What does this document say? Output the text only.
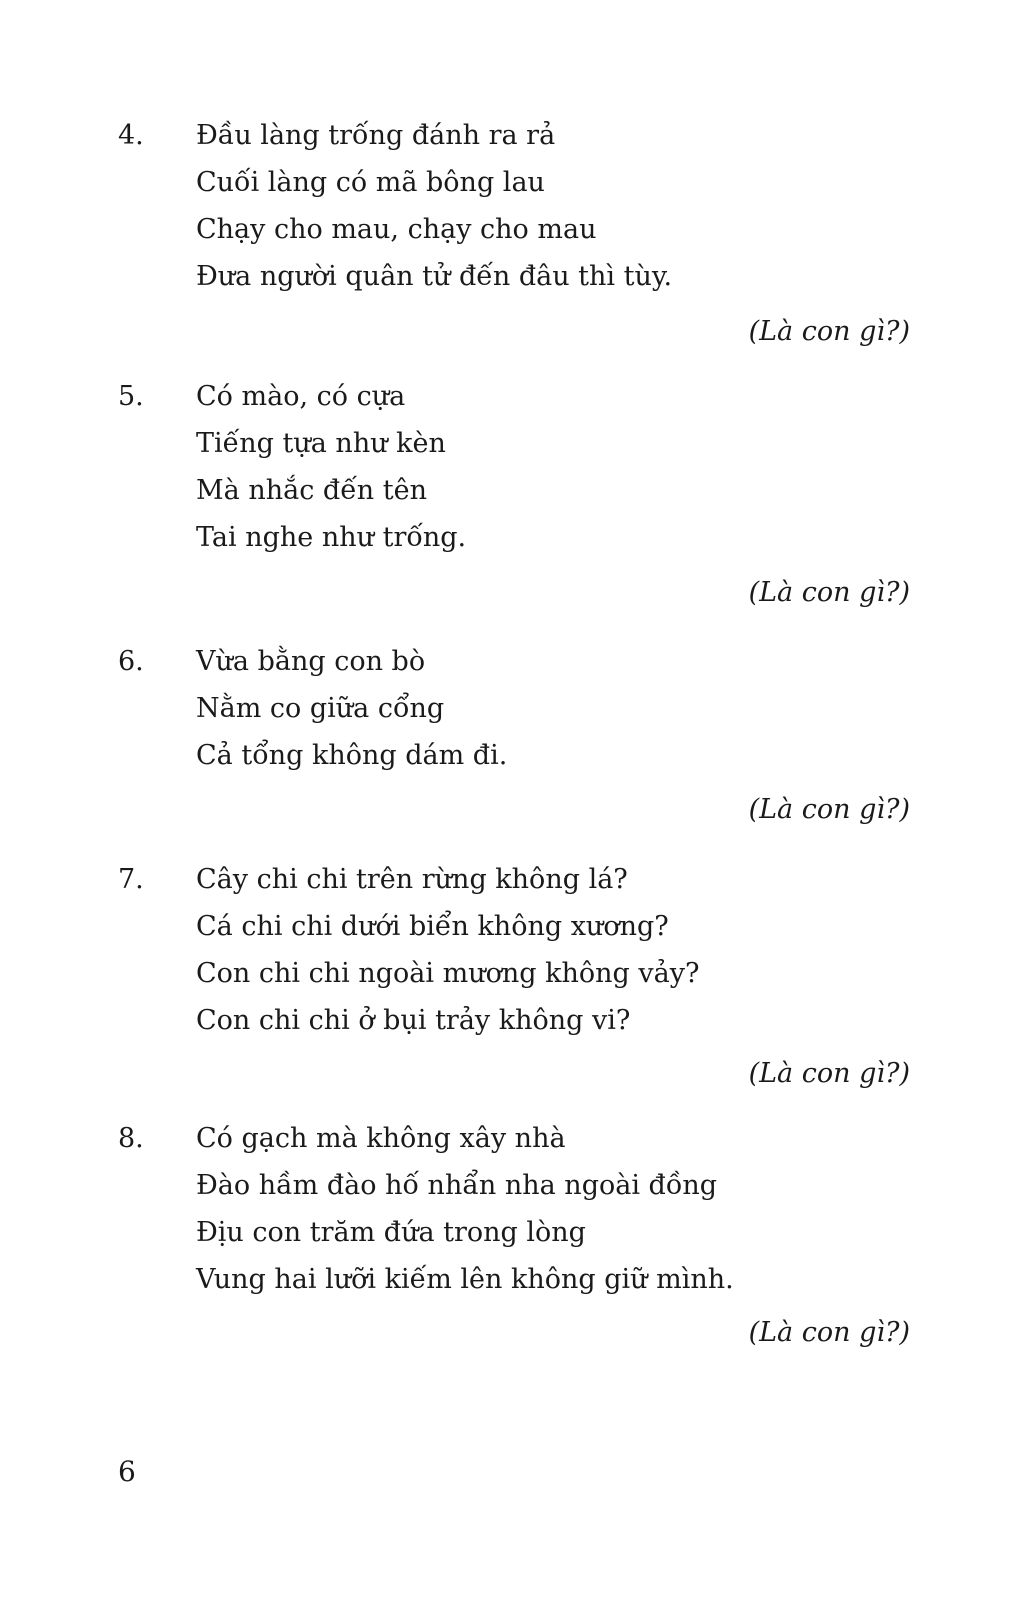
4. Đầu làng trống đánh ra rả
Cuối làng có mã bông lau
Chạy cho mau, chạy cho mau
Đưa người quân tử đến đâu thì tùy.
(Là con gì?)
5. Có mào, có cựa
Tiếng tựa như kèn
Mà nhắc đến tên
Tai nghe như trống.
(Là con gì?)
6. Vừa bằng con bò
Nằm co giữa cổng
Cả tổng không dám đi.
(Là con gì?)
7. Cây chi chi trên rừng không lá?
Cá chi chi dưới biển không xương?
Con chi chi ngoài mương không vảy?
Con chi chi ở bụi trảy không vi?
(Là con gì?)
8. Có gạch mà không xây nhà
Đào hầm đào hố nhẩn nha ngoài đồng
Địu con trăm đứa trong lòng
Vung hai lưỡi kiếm lên không giữ mình.
(Là con gì?)
6
